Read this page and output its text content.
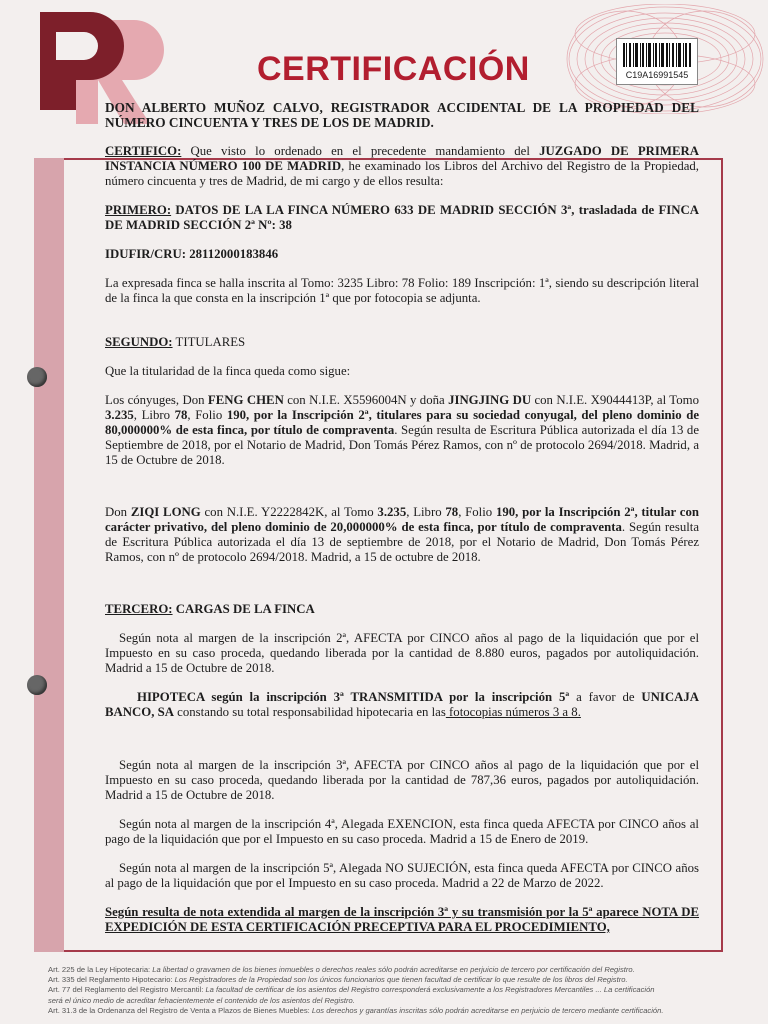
CERTIFICACIÓN	C19A16991545

DON ALBERTO MUÑOZ CALVO, REGISTRADOR ACCIDENTAL DE LA PROPIEDAD DEL NÚMERO CINCUENTA Y TRES DE LOS DE MADRID.

CERTIFICO: Que visto lo ordenado en el precedente mandamiento del JUZGADO DE PRIMERA INSTANCIA NÚMERO 100 DE MADRID, he examinado los Libros del Archivo del Registro de la Propiedad, número cincuenta y tres de Madrid, de mi cargo y de ellos resulta:

PRIMERO: DATOS DE LA LA FINCA NÚMERO 633 DE MADRID SECCIÓN 3ª, trasladada de FINCA DE MADRID SECCIÓN 2ª Nº: 38

IDUFIR/CRU: 28112000183846

La expresada finca se halla inscrita al Tomo: 3235 Libro: 78 Folio: 189 Inscripción: 1ª, siendo su descripción literal de la finca la que consta en la inscripción 1ª que por fotocopia se adjunta.

SEGUNDO: TITULARES

Que la titularidad de la finca queda como sigue:

Los cónyuges, Don FENG CHEN con N.I.E. X5596004N y doña JINGJING DU con N.I.E. X9044413P, al Tomo 3.235, Libro 78, Folio 190, por la Inscripción 2ª, titulares para su sociedad conyugal, del pleno dominio de 80,000000% de esta finca, por título de compraventa. Según resulta de Escritura Pública autorizada el día 13 de Septiembre de 2018, por el Notario de Madrid, Don Tomás Pérez Ramos, con nº de protocolo 2694/2018. Madrid, a 15 de Octubre de 2018.

Don ZIQI LONG con N.I.E. Y2222842K, al Tomo 3.235, Libro 78, Folio 190, por la Inscripción 2ª, titular con carácter privativo, del pleno dominio de 20,000000% de esta finca, por título de compraventa. Según resulta de Escritura Pública autorizada el día 13 de septiembre de 2018, por el Notario de Madrid, Don Tomás Pérez Ramos, con nº de protocolo 2694/2018. Madrid, a 15 de octubre de 2018.

TERCERO: CARGAS DE LA FINCA

Según nota al margen de la inscripción 2ª, AFECTA por CINCO años al pago de la liquidación que por el Impuesto en su caso proceda, quedando liberada por la cantidad de 8.880 euros, pagados por autoliquidación. Madrid a 15 de Octubre de 2018.

HIPOTECA según la inscripción 3ª TRANSMITIDA por la inscripción 5ª a favor de UNICAJA BANCO, SA constando su total responsabilidad hipotecaria en las fotocopias números 3 a 8.

Según nota al margen de la inscripción 3ª, AFECTA por CINCO años al pago de la liquidación que por el Impuesto en su caso proceda, quedando liberada por la cantidad de 787,36 euros, pagados por autoliquidación. Madrid a 15 de Octubre de 2018.

Según nota al margen de la inscripción 4ª, Alegada EXENCION, esta finca queda AFECTA por CINCO años al pago de la liquidación que por el Impuesto en su caso proceda. Madrid a 15 de Enero de 2019.

Según nota al margen de la inscripción 5ª, Alegada NO SUJECIÓN, esta finca queda AFECTA por CINCO años al pago de la liquidación que por el Impuesto en su caso proceda. Madrid a 22 de Marzo de 2022.

Según resulta de nota extendida al margen de la inscripción 3ª y su transmisión por la 5ª aparece NOTA DE EXPEDICIÓN DE ESTA CERTIFICACIÓN PRECEPTIVA PARA EL PROCEDIMIENTO,

Art. 225 de la Ley Hipotecaria: La libertad o gravamen de los bienes inmuebles o derechos reales sólo podrán acreditarse en perjuicio de tercero por certificación del Registro.
Art. 335 del Reglamento Hipotecario: Los Registradores de la Propiedad son los únicos funcionarios que tienen facultad de certificar lo que resulte de los libros del Registro.
Art. 77 del Reglamento del Registro Mercantil: La facultad de certificar de los asientos del Registro corresponderá exclusivamente a los Registradores Mercantiles ... La certificación
será el único medio de acreditar fehacientemente el contenido de los asientos del Registro.
Art. 31.3 de la Ordenanza del Registro de Venta a Plazos de Bienes Muebles: Los derechos y garantías inscritas sólo podrán acreditarse en perjuicio de tercero mediante certificación.
